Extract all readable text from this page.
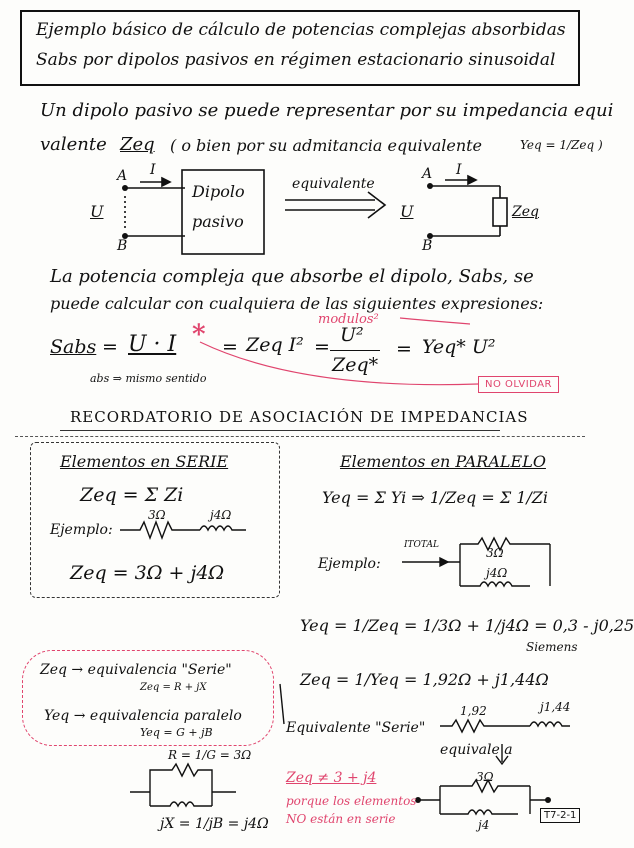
Ejemplo básico de cálculo de potencias complejas absorbidas
Sabs por dipolos pasivos en régimen estacionario sinusoidal
Un dipolo pasivo se puede representar por su impedancia equi
valente Zeq ( o bien por su admitancia equivalente	Yeq = 1/Zeq )
A
B
U
I
Dipolo
pasivo
equivalente
A
B
U
I
Zeq
La potencia compleja que absorbe el dipolo, Sabs, se
puede calcular con cualquiera de las siguientes expresiones:
Sabs = U · I * = Zeq I² =
U²
Zeq*
= Yeq* U²
modulos²
abs ⇒ mismo sentido	NO OLVIDAR
RECORDATORIO DE ASOCIACIÓN DE IMPEDANCIAS
Elementos en SERIE
Zeq = Σ Zi
Ejemplo:
3Ω	j4Ω
Zeq = 3Ω + j4Ω
Elementos en PARALELO
Yeq = Σ Yi ⇒ 1/Zeq = Σ 1/Zi
Ejemplo:
ITOTAL
3Ω
j4Ω
Yeq = 1/Zeq = 1/3Ω + 1/j4Ω = 0,3 - j0,25
Siemens
Zeq → equivalencia "Serie"
Zeq = R + jX
Yeq → equivalencia paralelo
Yeq = G + jB
R = 1/G = 3Ω
jX = 1/jB = j4Ω
Zeq = 1/Yeq = 1,92Ω + j1,44Ω
Equivalente "Serie"
1,92	j1,44
equivale a
3Ω
j4
T7-2-1
Zeq ≠ 3 + j4
porque los elementos
NO están en serie
